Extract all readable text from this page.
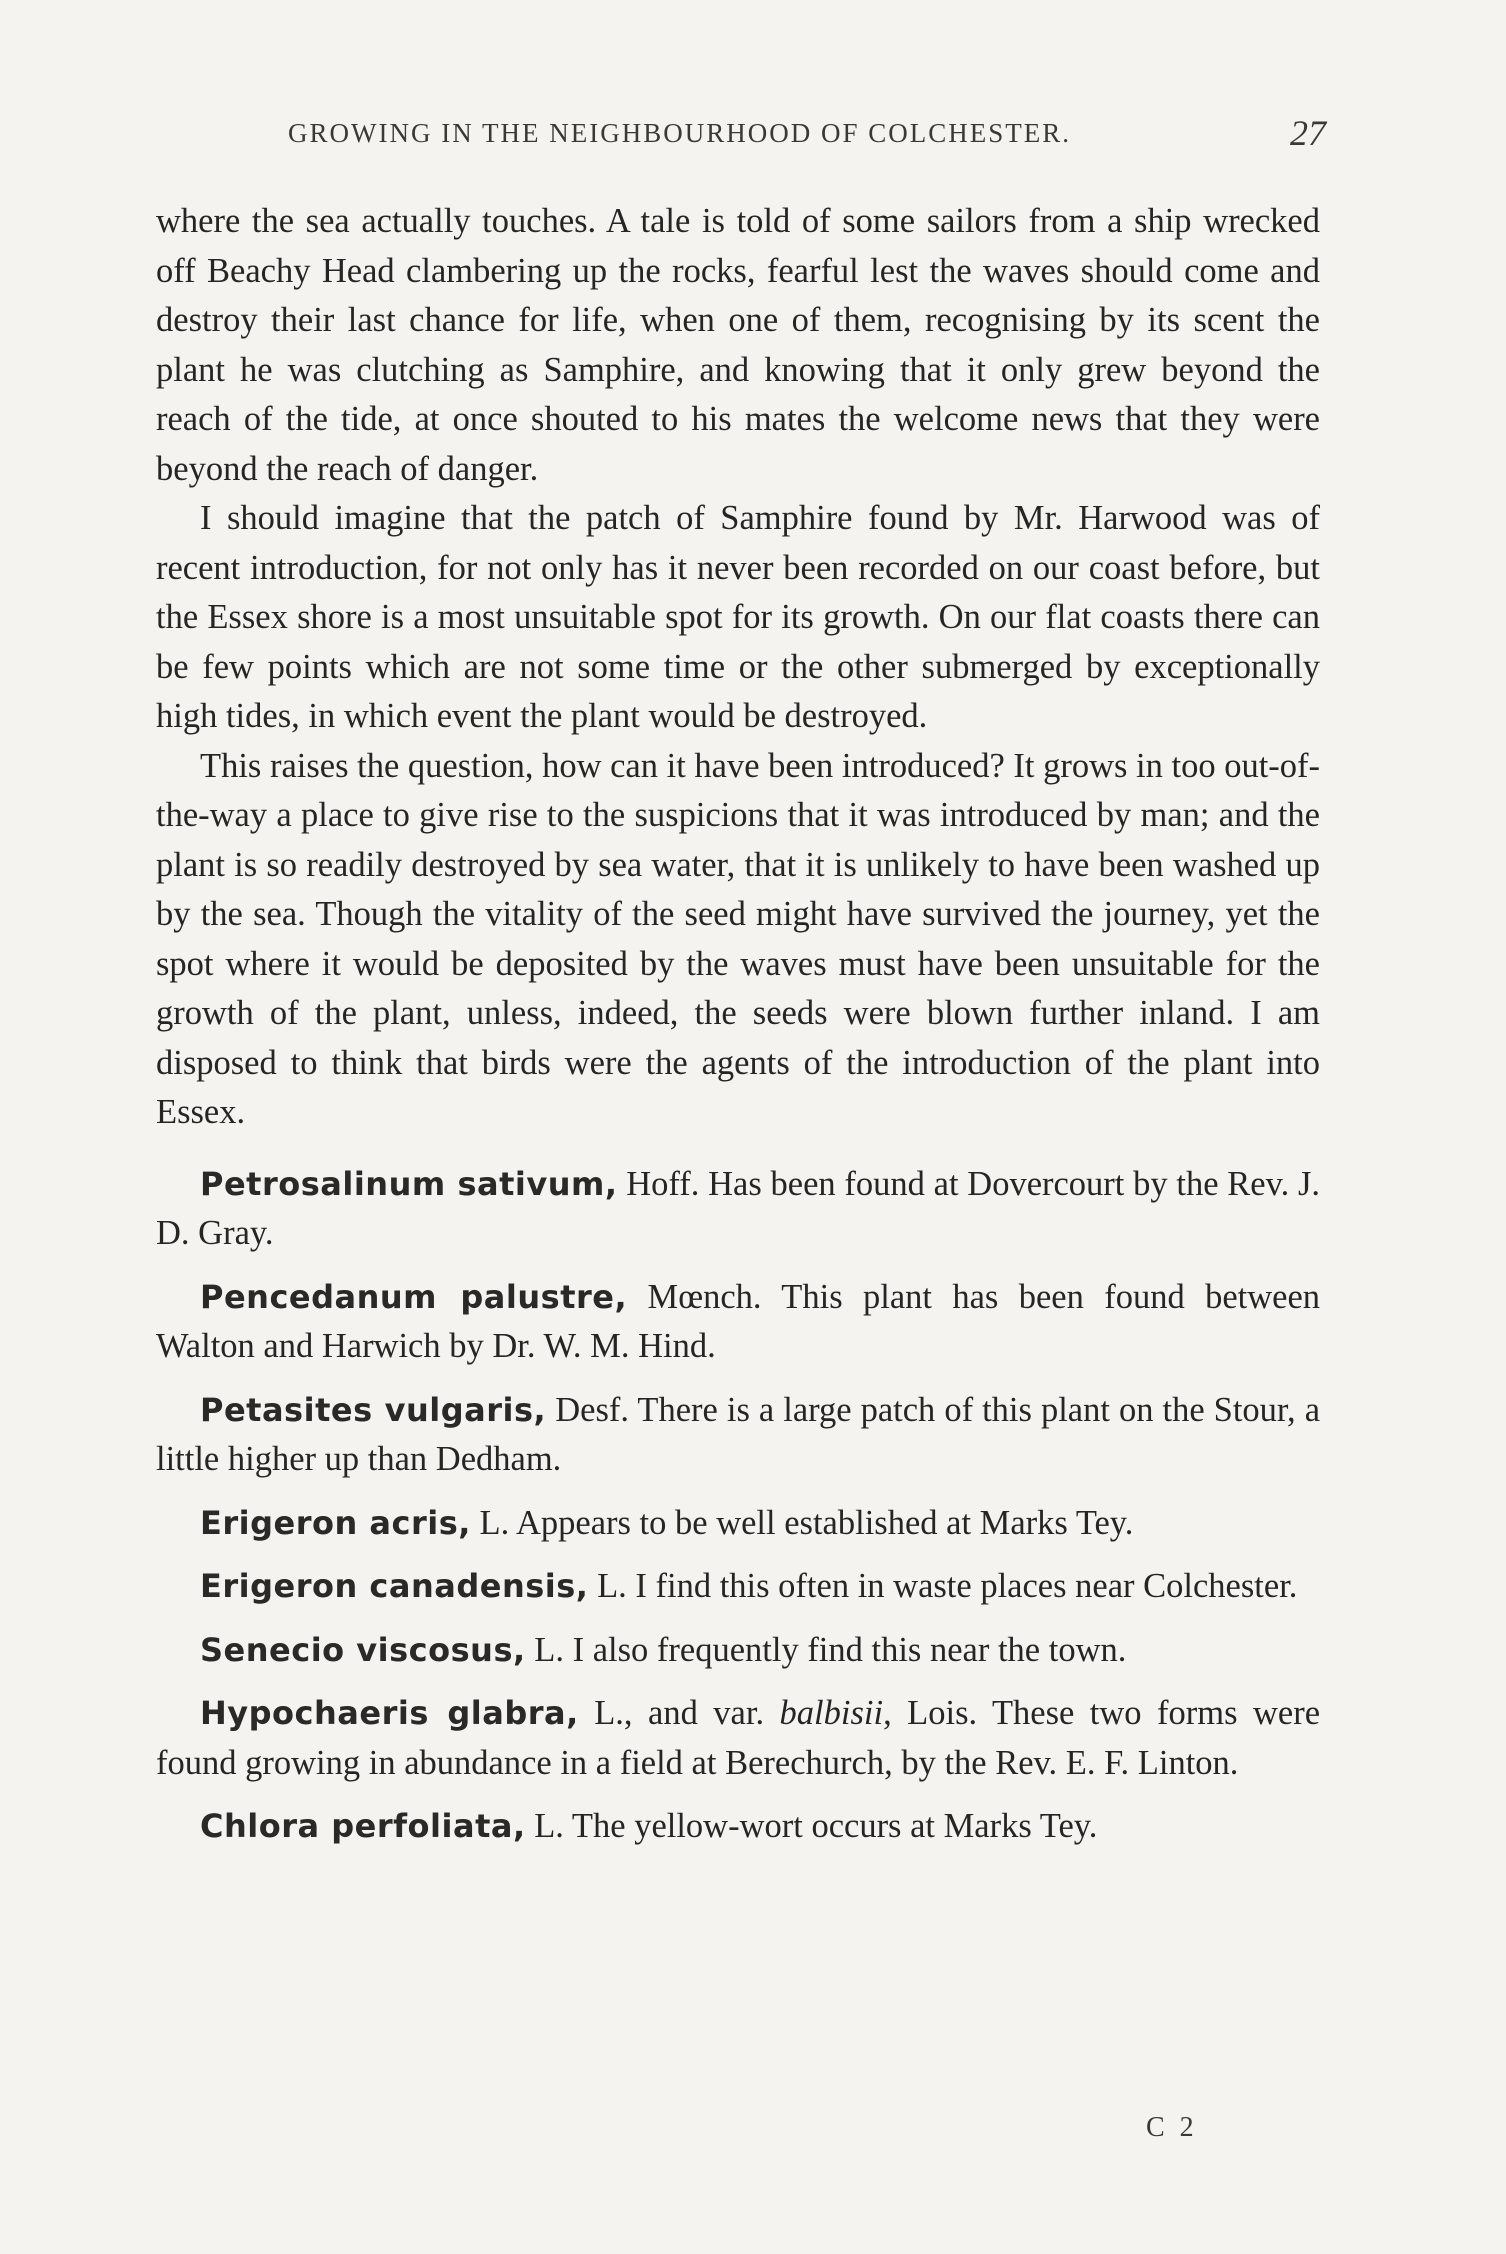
GROWING IN THE NEIGHBOURHOOD OF COLCHESTER.	27

where the sea actually touches. A tale is told of some sailors from a ship wrecked off Beachy Head clambering up the rocks, fearful lest the waves should come and destroy their last chance for life, when one of them, recognising by its scent the plant he was clutching as Samphire, and knowing that it only grew beyond the reach of the tide, at once shouted to his mates the welcome news that they were beyond the reach of danger.

I should imagine that the patch of Samphire found by Mr. Harwood was of recent introduction, for not only has it never been recorded on our coast before, but the Essex shore is a most unsuitable spot for its growth. On our flat coasts there can be few points which are not some time or the other submerged by exceptionally high tides, in which event the plant would be destroyed.

This raises the question, how can it have been introduced? It grows in too out-of-the-way a place to give rise to the suspicions that it was introduced by man; and the plant is so readily destroyed by sea water, that it is unlikely to have been washed up by the sea. Though the vitality of the seed might have survived the journey, yet the spot where it would be deposited by the waves must have been unsuitable for the growth of the plant, unless, indeed, the seeds were blown further inland. I am disposed to think that birds were the agents of the introduction of the plant into Essex.

Petrosalinum sativum, Hoff. Has been found at Dovercourt by the Rev. J. D. Gray.

Pencedanum palustre, Mœnch. This plant has been found between Walton and Harwich by Dr. W. M. Hind.

Petasites vulgaris, Desf. There is a large patch of this plant on the Stour, a little higher up than Dedham.

Erigeron acris, L. Appears to be well established at Marks Tey.

Erigeron canadensis, L. I find this often in waste places near Colchester.

Senecio viscosus, L. I also frequently find this near the town.

Hypochaeris glabra, L., and var. balbisii, Lois. These two forms were found growing in abundance in a field at Berechurch, by the Rev. E. F. Linton.

Chlora perfoliata, L. The yellow-wort occurs at Marks Tey.

C 2
